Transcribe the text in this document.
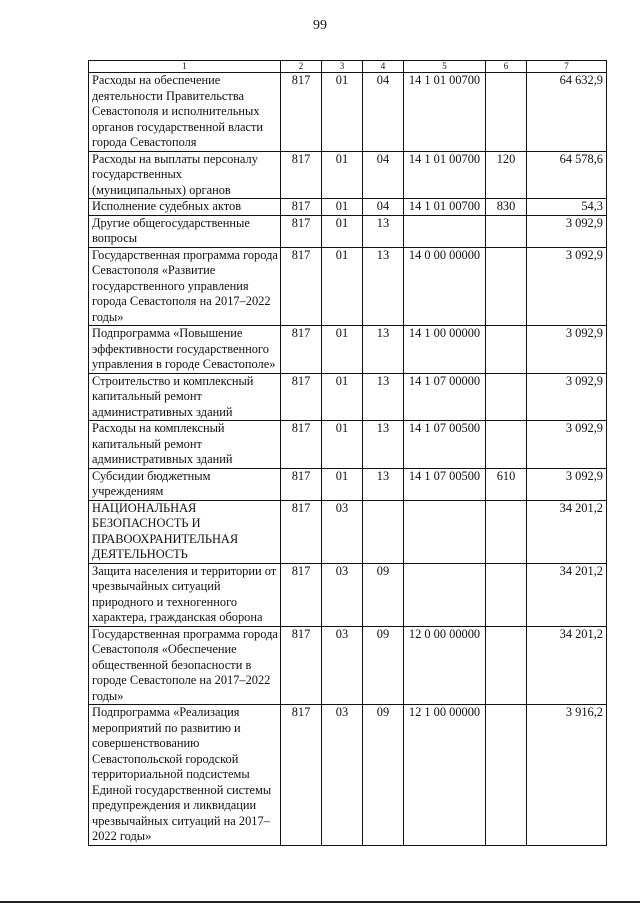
99
1	2	3	4	5	6	7
Расходы на обеспечение деятельности Правительства Севастополя и исполнительных органов государственной власти города Севастополя	817	01	04	14 1 01 00700		64 632,9
Расходы на выплаты персоналу государственных (муниципальных) органов	817	01	04	14 1 01 00700	120	64 578,6
Исполнение судебных актов	817	01	04	14 1 01 00700	830	54,3
Другие общегосударственные вопросы	817	01	13			3 092,9
Государственная программа города Севастополя «Развитие государственного управления города Севастополя на 2017–2022 годы»	817	01	13	14 0 00 00000		3 092,9
Подпрограмма «Повышение эффективности государственного управления в городе Севастополе»	817	01	13	14 1 00 00000		3 092,9
Строительство и комплексный капитальный ремонт административных зданий	817	01	13	14 1 07 00000		3 092,9
Расходы на комплексный капитальный ремонт административных зданий	817	01	13	14 1 07 00500		3 092,9
Субсидии бюджетным учреждениям	817	01	13	14 1 07 00500	610	3 092,9
НАЦИОНАЛЬНАЯ БЕЗОПАСНОСТЬ И ПРАВООХРАНИТЕЛЬНАЯ ДЕЯТЕЛЬНОСТЬ	817	03				34 201,2
Защита населения и территории от чрезвычайных ситуаций природного и техногенного характера, гражданская оборона	817	03	09			34 201,2
Государственная программа города Севастополя «Обеспечение общественной безопасности в городе Севастополе на 2017–2022 годы»	817	03	09	12 0 00 00000		34 201,2
Подпрограмма «Реализация мероприятий по развитию и совершенствованию Севастопольской городской территориальной подсистемы Единой государственной системы предупреждения и ликвидации чрезвычайных ситуаций на 2017–2022 годы»	817	03	09	12 1 00 00000		3 916,2
